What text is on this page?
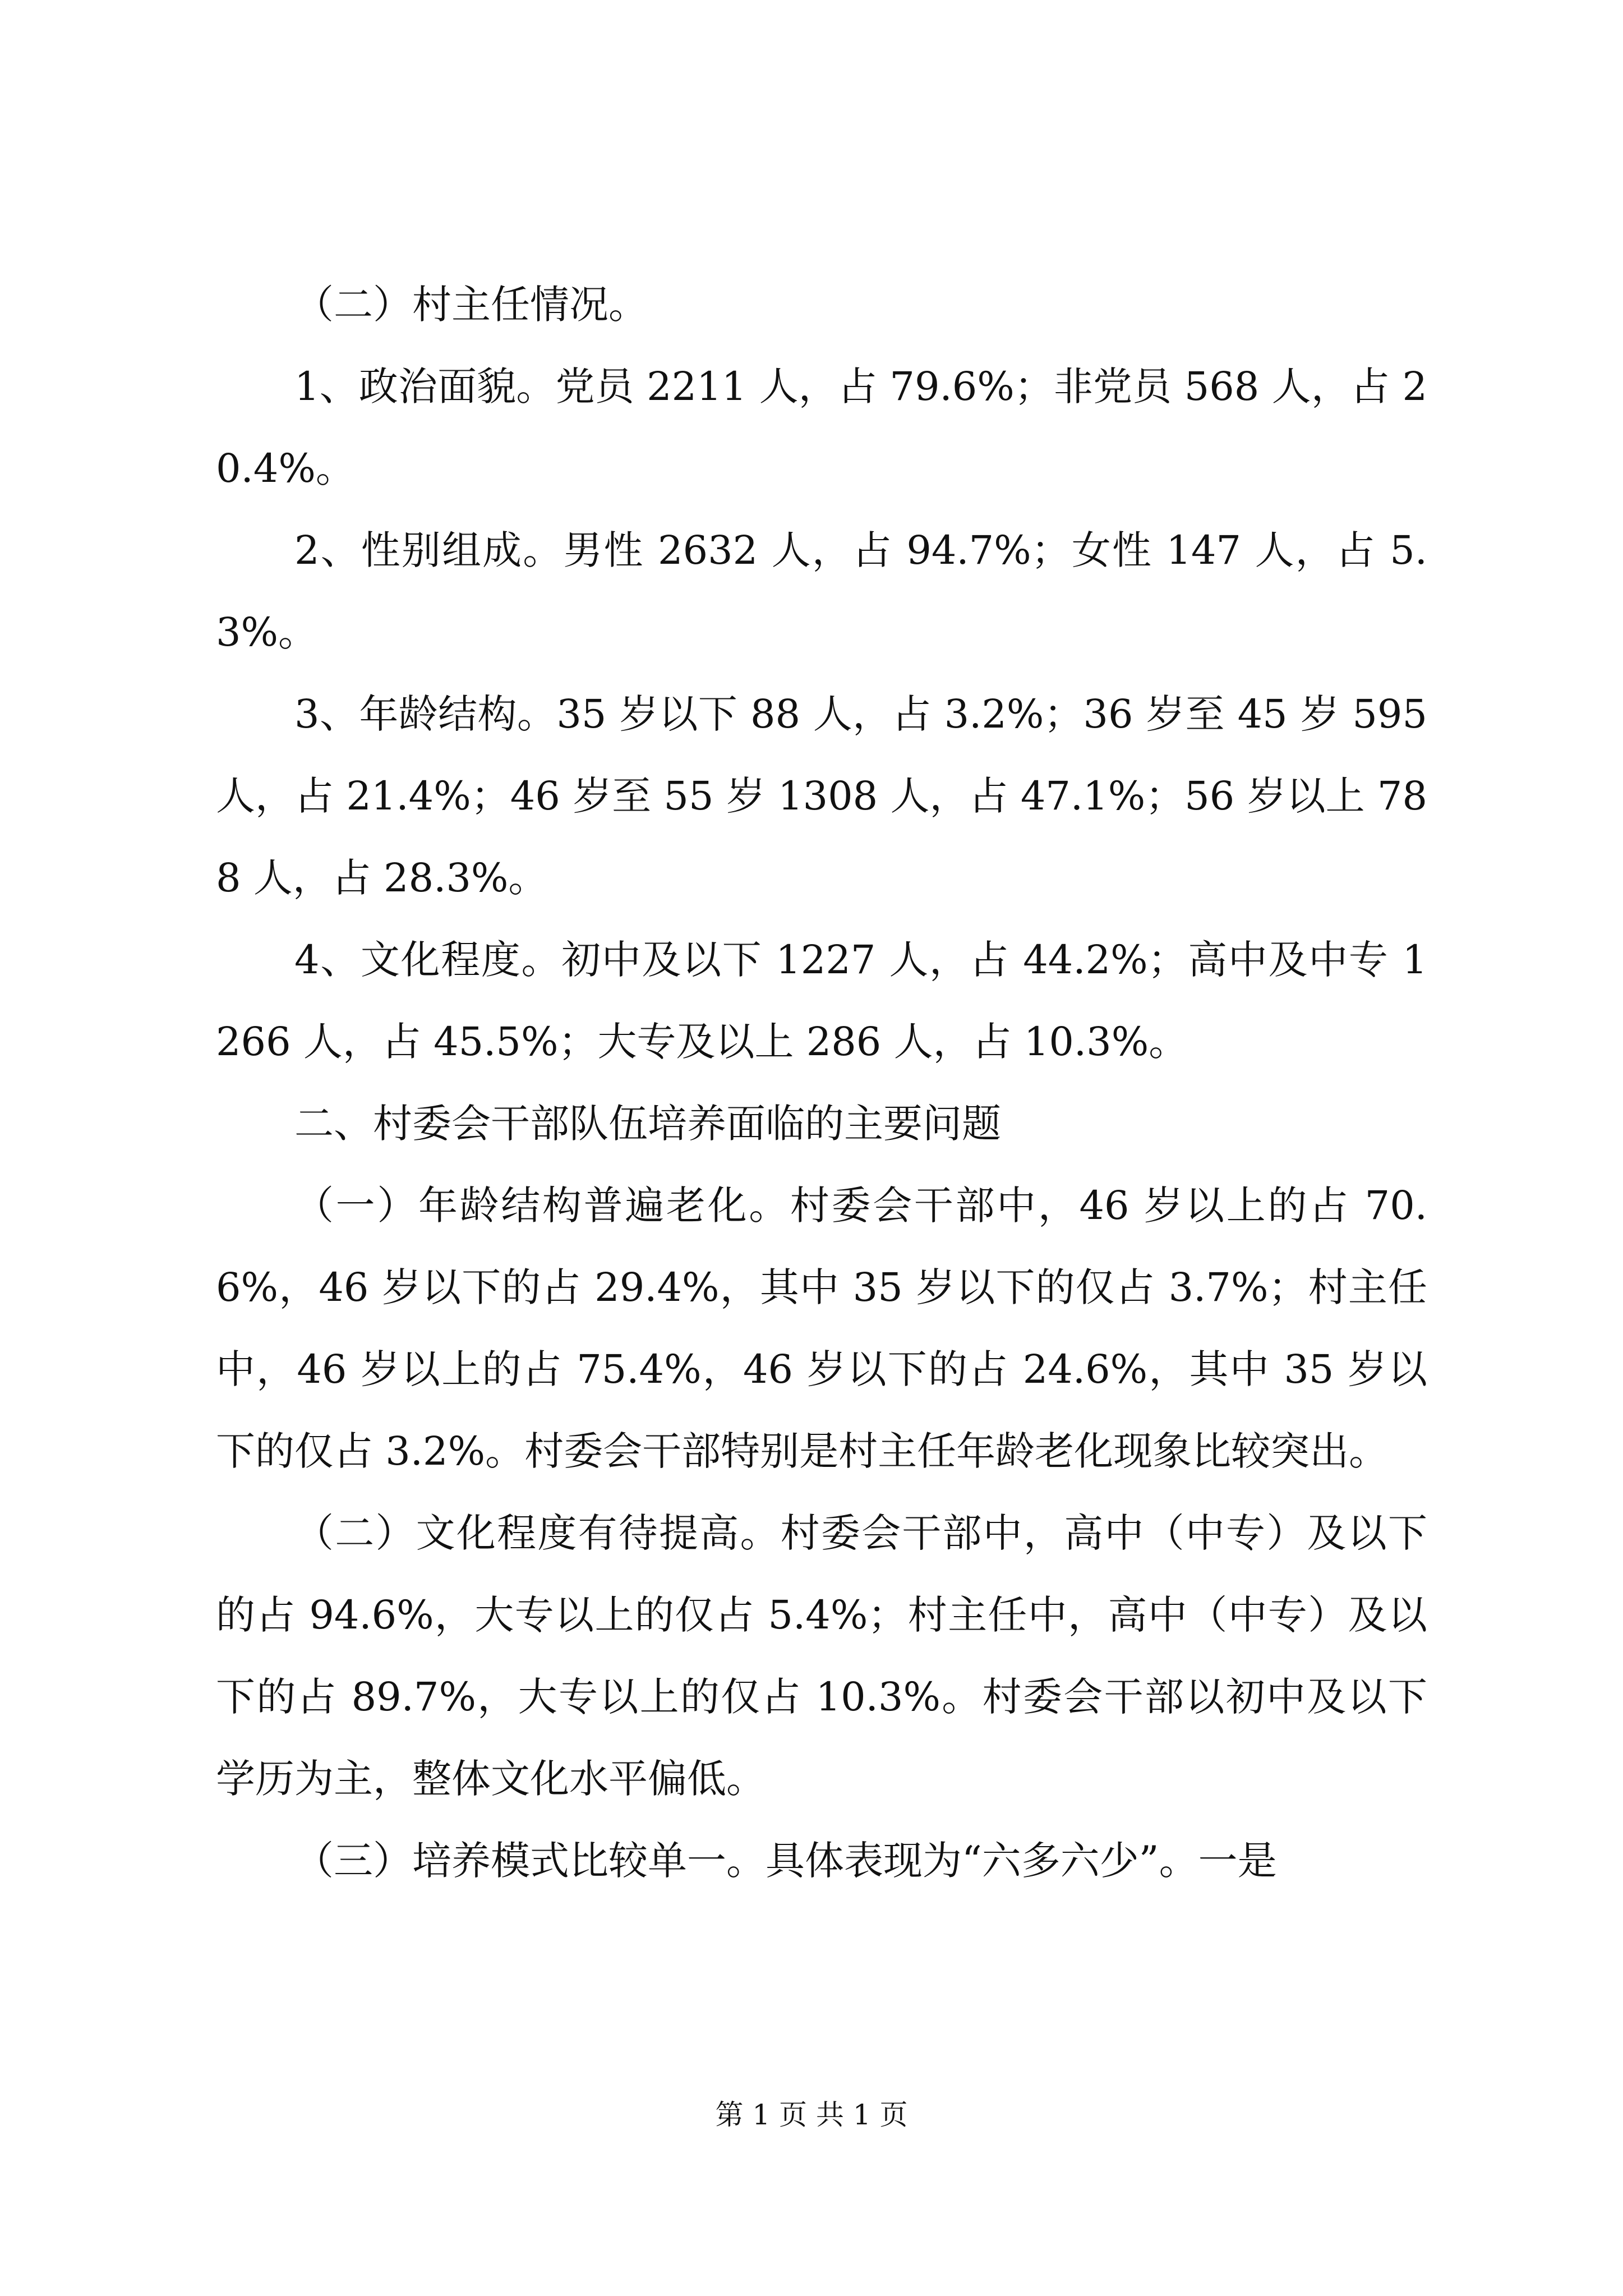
（二）村主任情况。

1、政治面貌。党员 2211 人，占 79.6%；非党员 568 人，占 20.4%。

2、性别组成。男性 2632 人，占 94.7%；女性 147 人，占 5.3%。

3、年龄结构。35 岁以下 88 人，占 3.2%；36 岁至 45 岁 595 人，占 21.4%；46 岁至 55 岁 1308 人，占 47.1%；56 岁以上 788 人，占 28.3%。

4、文化程度。初中及以下 1227 人，占 44.2%；高中及中专 1266 人，占 45.5%；大专及以上 286 人，占 10.3%。

二、村委会干部队伍培养面临的主要问题

（一）年龄结构普遍老化。村委会干部中，46 岁以上的占 70.6%，46 岁以下的占 29.4%，其中 35 岁以下的仅占 3.7%；村主任中，46 岁以上的占 75.4%，46 岁以下的占 24.6%，其中 35 岁以下的仅占 3.2%。村委会干部特别是村主任年龄老化现象比较突出。

（二）文化程度有待提高。村委会干部中，高中（中专）及以下的占 94.6%，大专以上的仅占 5.4%；村主任中，高中（中专）及以下的占 89.7%，大专以上的仅占 10.3%。村委会干部以初中及以下学历为主，整体文化水平偏低。

（三）培养模式比较单一。具体表现为“六多六少”。一是

第 1 页 共 1 页
